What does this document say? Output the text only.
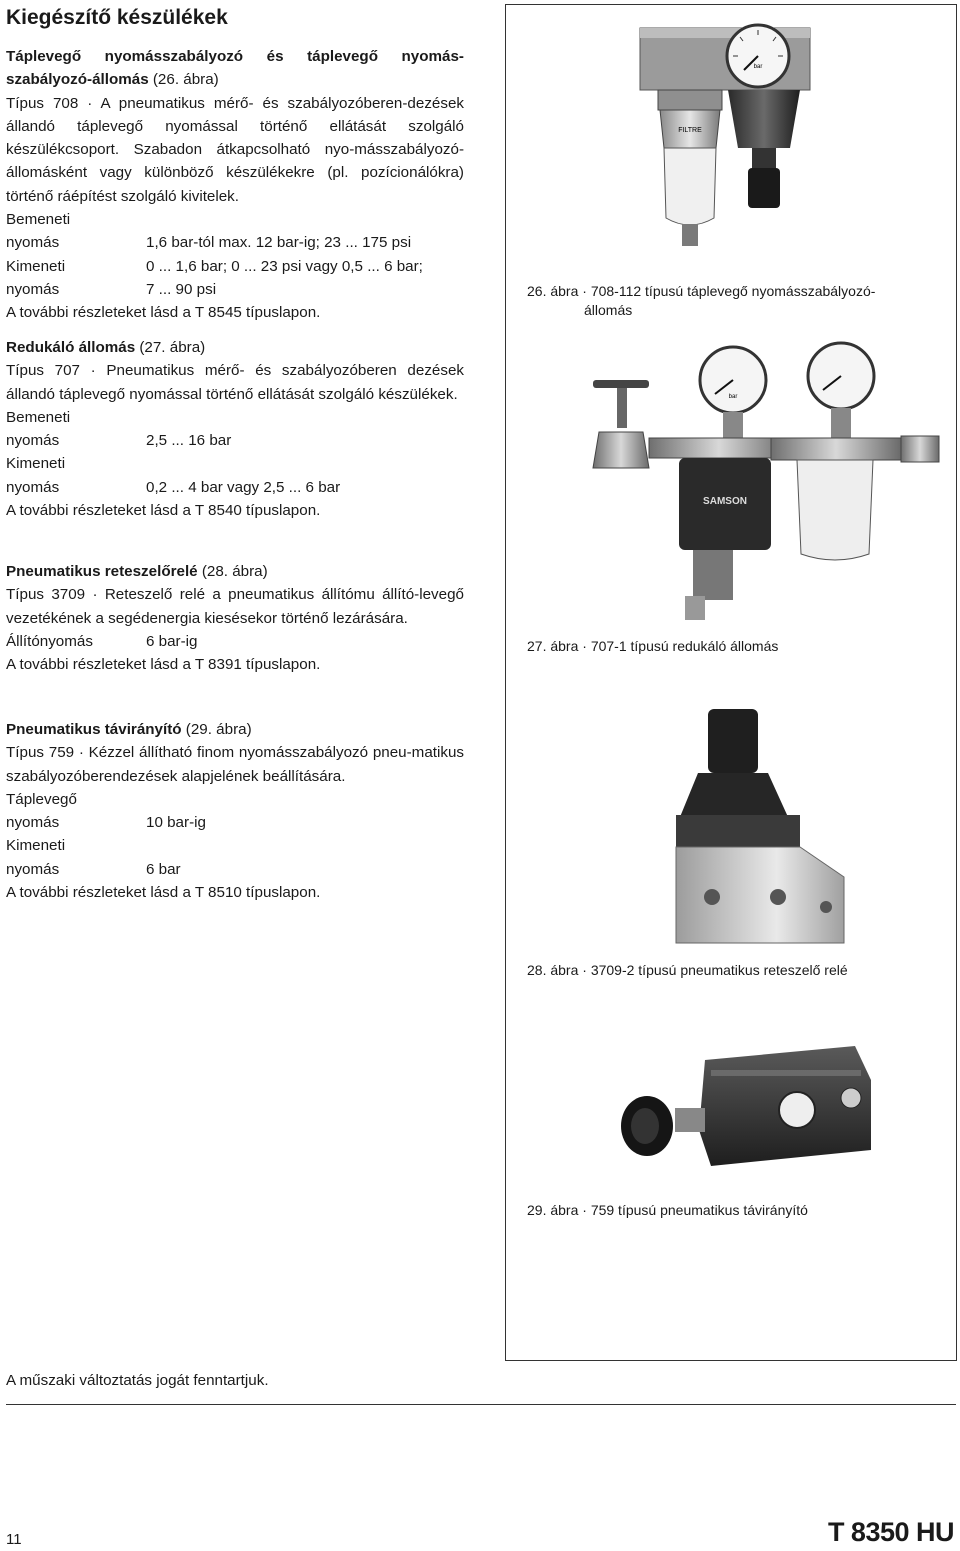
Kiegészítő készülékek

Táplevegő nyomásszabályozó és táplevegő nyomás-szabályozó-állomás (26. ábra)

Típus 708 · A pneumatikus mérő- és szabályozóberen-dezések állandó táplevegő nyomással történő ellátását szolgáló készülékcsoport. Szabadon átkapcsolható nyo-másszabályozó-állomásként vagy különböző készülékekre (pl. pozícionálókra) történő ráépítést szolgáló kivitelek.

Bemeneti
nyomás	1,6 bar-tól max. 12 bar-ig; 23 ... 175 psi
Kimeneti	0 ... 1,6 bar; 0 ... 23 psi vagy 0,5 ... 6 bar;
nyomás	7 ... 90 psi

A további részleteket lásd a T 8545 típuslapon.

Redukáló állomás (27. ábra)

Típus 707 · Pneumatikus mérő- és szabályozóberen dezések állandó táplevegő nyomással történő ellátását szolgáló készülékek.

Bemeneti
nyomás	2,5 ... 16 bar
Kimeneti
nyomás	0,2 ... 4 bar vagy 2,5 ... 6 bar

A további részleteket lásd a T 8540 típuslapon.

Pneumatikus reteszelőrelé (28. ábra)

Típus 3709 · Reteszelő relé a pneumatikus állítómu állító-levegő vezetékének a segédenergia kiesésekor történő lezárására.

Állítónyomás	6 bar-ig

A további részleteket lásd a T 8391 típuslapon.

Pneumatikus távirányító (29. ábra)

Típus 759 · Kézzel állítható finom nyomásszabályozó pneu-matikus szabályozóberendezések alapjelének beállítására.

Táplevegő
nyomás	10 bar-ig
Kimeneti
nyomás	6 bar

A további részleteket lásd a T 8510 típuslapon.

bar
FILTRE
26. ábra · 708-112 típusú táplevegő nyomásszabályozó-
állomás
bar
SAMSON
27. ábra · 707-1 típusú redukáló állomás
28. ábra · 3709-2 típusú pneumatikus reteszelő relé
29. ábra · 759 típusú pneumatikus távirányító
A műszaki változtatás jogát fenntartjuk.
11	T 8350 HU
